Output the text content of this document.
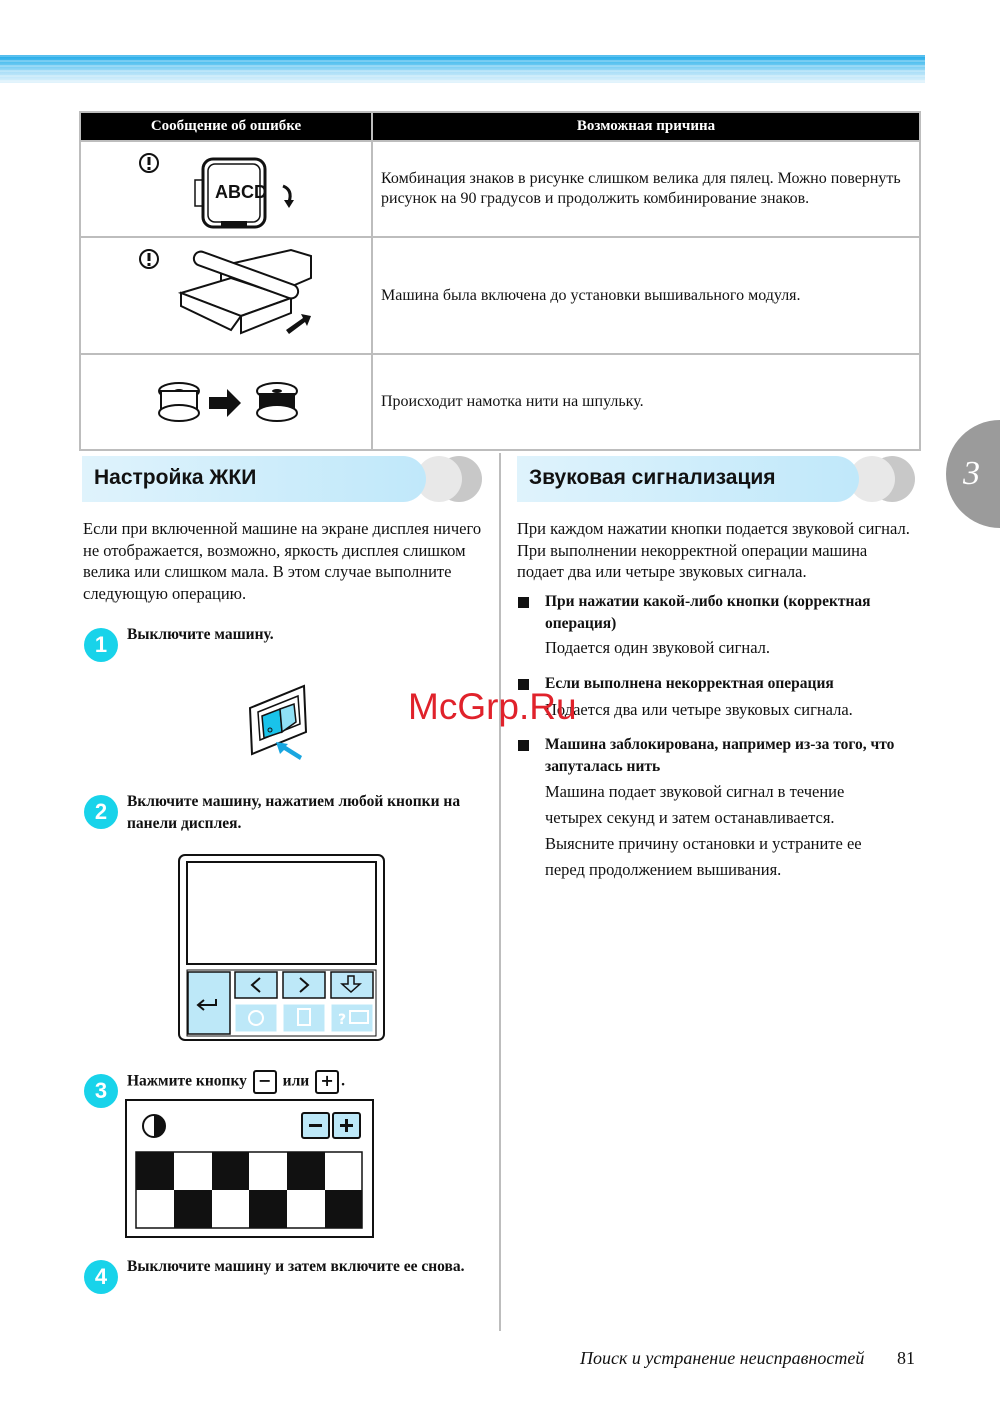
3
Сообщение об ошибке	Возможная причина

ABCD	Комбинация знаков в рисунке слишком велика для пялец. Можно повернуть рисунок на 90 градусов и продолжить комбинирование знаков.
	Машина была включена до установки вышивального модуля.
	Происходит намотка нити на шпульку.
Настройка ЖКИ	Звуковая сигнализация
Если при включенной машине на экране дисплея ничего не отображается, возможно, яркость дисплея слишком велика или слишком мала. В этом случае выполните следующую операцию.
1	Выключите машину.
2	Включите машину, нажатием любой кнопки на панели дисплея.
?
3	Нажмите кнопку − или + .
4	Выключите машину и затем включите ее снова.
При каждом нажатии кнопки подается звуковой сигнал. При выполнении некорректной операции машина подает два или четыре звуковых сигнала.
При нажатии какой-либо кнопки (корректная операция)
Подается один звуковой сигнал.
Если выполнена некорректная операция
Подается два или четыре звуковых сигнала.
Машина заблокирована, например из-за того, что запуталась нить
Машина подает звуковой сигнал в течение четырех секунд и затем останавливается. Выясните причину остановки и устраните ее перед продолжением вышивания.
McGrp.Ru
Поиск и устранение неисправностей 81
